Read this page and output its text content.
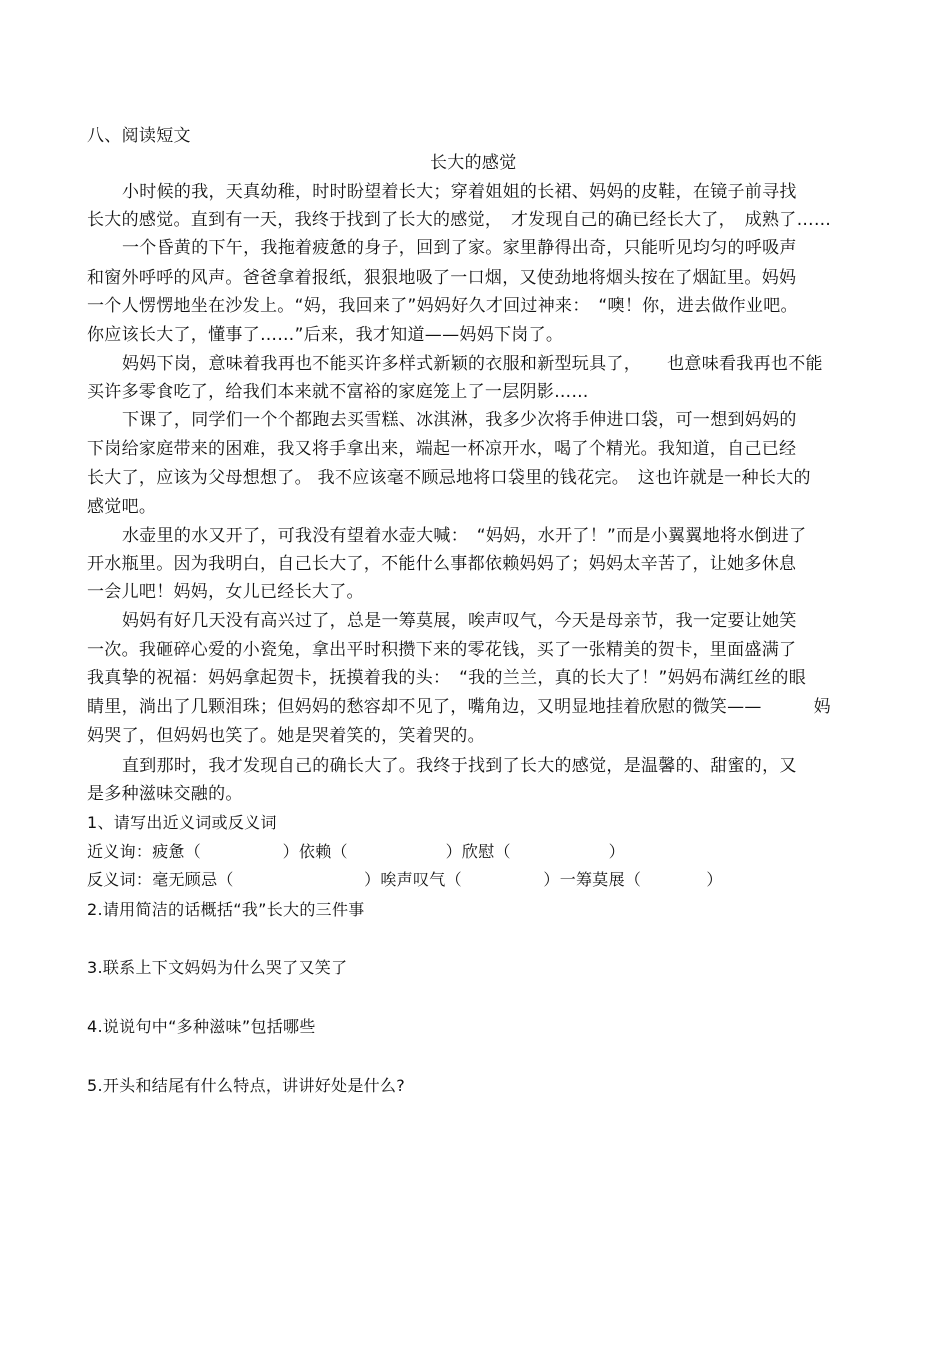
八、阅读短文
长大的感觉
小时候的我，天真幼稚，时时盼望着长大；穿着姐姐的长裙、妈妈的皮鞋，在镜子前寻找
长大的感觉。直到有一天，我终于找到了长大的感觉，　才发现自己的确已经长大了，　成熟了……
一个昏黄的下午，我拖着疲惫的身子，回到了家。家里静得出奇，只能听见均匀的呼吸声
和窗外呼呼的风声。爸爸拿着报纸，狠狠地吸了一口烟，又使劲地将烟头按在了烟缸里。妈妈
一个人愣愣地坐在沙发上。“妈，我回来了”妈妈好久才回过神来：　“噢！你，进去做作业吧。
你应该长大了，懂事了……”后来，我才知道——妈妈下岗了。
妈妈下岗，意味着我再也不能买许多样式新颖的衣服和新型玩具了，　　也意味看我再也不能
买许多零食吃了，给我们本来就不富裕的家庭笼上了一层阴影……
下课了，同学们一个个都跑去买雪糕、冰淇淋，我多少次将手伸进口袋，可一想到妈妈的
下岗给家庭带来的困难，我又将手拿出来，端起一杯凉开水，喝了个精光。我知道，自己已经
长大了，应该为父母想想了。 我不应该毫不顾忌地将口袋里的钱花完。　这也许就是一种长大的
感觉吧。
水壶里的水又开了，可我没有望着水壶大喊：　“妈妈，水开了！”而是小翼翼地将水倒进了
开水瓶里。因为我明白，自己长大了，不能什么事都依赖妈妈了；妈妈太辛苦了，让她多休息
一会儿吧！妈妈，女儿已经长大了。
妈妈有好几天没有高兴过了，总是一筹莫展，唉声叹气，今天是母亲节，我一定要让她笑
一次。我砸碎心爱的小瓷兔，拿出平时积攒下来的零花钱，买了一张精美的贺卡，里面盛满了
我真挚的祝福：妈妈拿起贺卡，抚摸着我的头：　“我的兰兰，真的长大了！”妈妈布满红丝的眼
睛里，淌出了几颗泪珠；但妈妈的愁容却不见了，嘴角边，又明显地挂着欣慰的微笑——　　　妈
妈哭了，但妈妈也笑了。她是哭着笑的，笑着哭的。
直到那时，我才发现自己的确长大了。我终于找到了长大的感觉，是温馨的、甜蜜的，又
是多种滋味交融的。
1、请写出近义词或反义词
近义询：疲惫（　　　　　）依赖（　　　　　　）欣慰（　　　　　　）
反义词：毫无顾忌（　　　　　　　　）唉声叹气（　　　　　）一筹莫展（　　　　）
2.请用简洁的话概括“我”长大的三件事
3.联系上下文妈妈为什么哭了又笑了
4.说说句中“多种滋味”包括哪些
5.开头和结尾有什么特点，讲讲好处是什么?
